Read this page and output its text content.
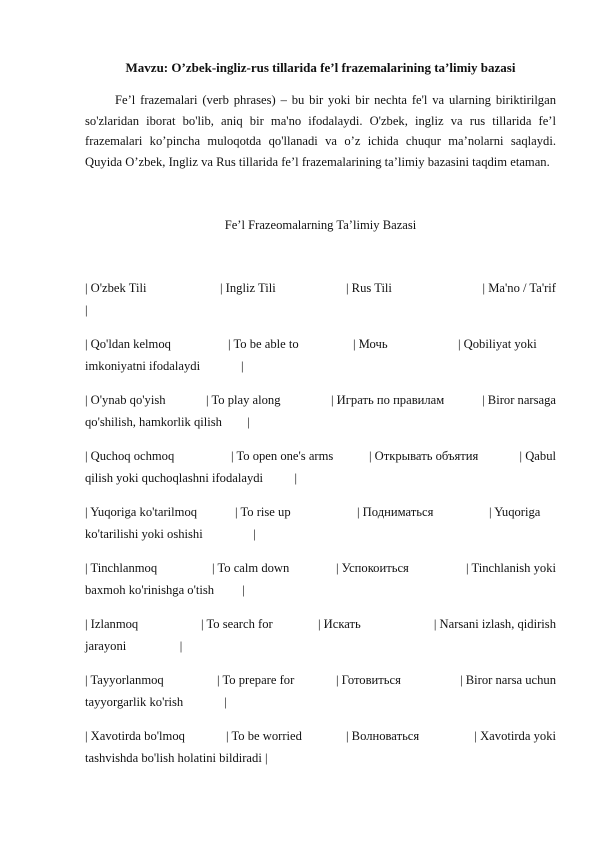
Mavzu: O’zbek-ingliz-rus tillarida fe’l frazemalarining ta’limiy bazasi

Fe’l frazemalari (verb phrases) – bu bir yoki bir nechta fe'l va ularning biriktirilgan so'zlaridan iborat bo'lib, aniq bir ma'no ifodalaydi. O'zbek, ingliz va rus tillarida fe’l frazemalari ko’pincha muloqotda qo'llanadi va o’z ichida chuqur ma’nolarni saqlaydi. Quyida O’zbek, Ingliz va Rus tillarida fe’l frazemalarining ta’limiy bazasini taqdim etaman.

Fe’l Frazeomalarning Ta’limiy Bazasi
| O'zbek Tili	| Ingliz Tili	| Rus Tili	| Ma'no / Ta'rif
|
| Qo'ldan kelmoq	| To be able to	| Мочь	| Qobiliyat yoki
imkoniyatni ifodalaydi             |
| O'ynab qo'yish	| To play along	| Играть по правилам	| Biror narsaga
qo'shilish, hamkorlik qilish        |
| Quchoq ochmoq	| To open one's arms	| Открывать объятия	| Qabul
qilish yoki quchoqlashni ifodalaydi          |
| Yuqoriga ko'tarilmoq	| To rise up	| Подниматься	| Yuqoriga
ko'tarilishi yoki oshishi                |
| Tinchlanmoq	| To calm down	| Успокоиться	| Tinchlanish yoki
baxmoh ko'rinishga o'tish         |
| Izlanmoq	| To search for	| Искать	| Narsani izlash, qidirish
jarayoni                 |
| Tayyorlanmoq	| To prepare for	| Готовиться	| Biror narsa uchun
tayyorgarlik ko'rish             |
| Xavotirda bo'lmoq	| To be worried	| Волноваться	| Xavotirda yoki
tashvishda bo'lish holatini bildiradi |
